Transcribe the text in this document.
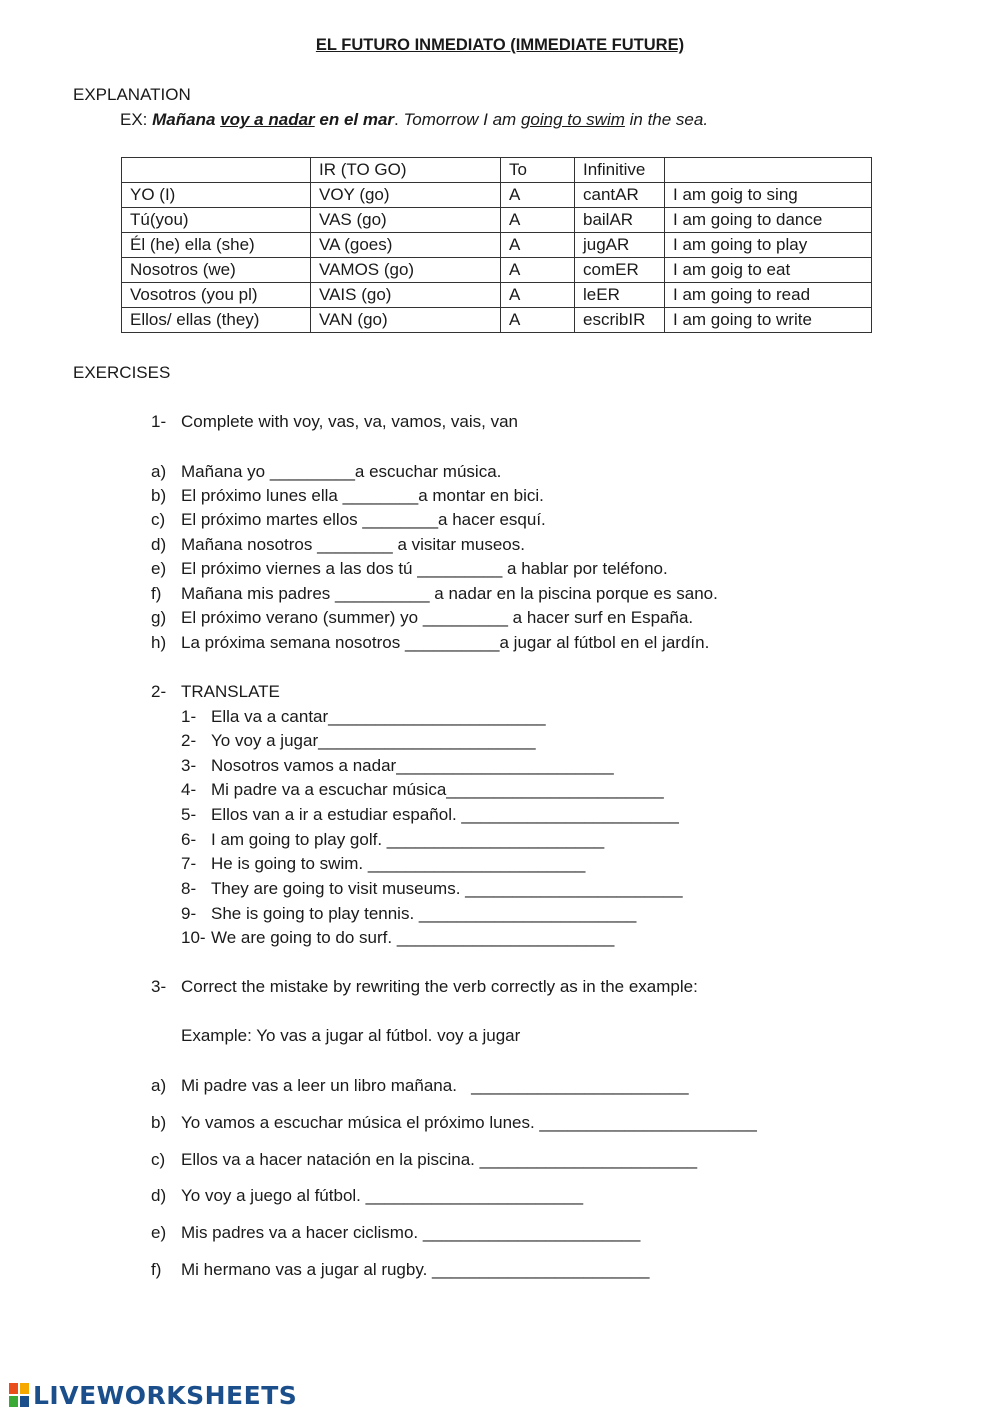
EL FUTURO INMEDIATO (IMMEDIATE FUTURE)
EXPLANATION
EX: Mañana voy a nadar en el mar. Tomorrow I am going to swim in the sea.
	IR (TO GO)	To	Infinitive	
YO (I)	VOY (go)	A	cantAR	I am goig to sing
Tú(you)	VAS (go)	A	bailAR	I am going to dance
Él (he) ella (she)	VA (goes)	A	jugAR	I am going to play
Nosotros (we)	VAMOS (go)	A	comER	I am goig to eat
Vosotros (you pl)	VAIS (go)	A	leER	I am going to read
Ellos/ ellas (they)	VAN (go)	A	escribIR	I am going to write
EXERCISES
1- Complete with voy, vas, va, vamos, vais, van
a) Mañana yo _________a escuchar música.
b) El próximo lunes ella ________a montar en bici.
c) El próximo martes ellos ________a hacer esquí.
d) Mañana nosotros ________ a visitar museos.
e) El próximo viernes a las dos tú _________ a hablar por teléfono.
f) Mañana mis padres __________ a nadar en la piscina porque es sano.
g) El próximo verano (summer) yo _________ a hacer surf en España.
h) La próxima semana nosotros __________a jugar al fútbol en el jardín.
2- TRANSLATE
1- Ella va a cantar_______________________
2- Yo voy a jugar_______________________
3- Nosotros vamos a nadar_______________________
4- Mi padre va a escuchar música_______________________
5- Ellos van a ir a estudiar español. _______________________
6- I am going to play golf. _______________________
7- He is going to swim. _______________________
8- They are going to visit museums. _______________________
9- She is going to play tennis. _______________________
10- We are going to do surf. _______________________
3- Correct the mistake by rewriting the verb correctly as in the example:
Example: Yo vas a jugar al fútbol. voy a jugar
a) Mi padre vas a leer un libro mañana.   _______________________
b) Yo vamos a escuchar música el próximo lunes. _______________________
c) Ellos va a hacer natación en la piscina. _______________________
d) Yo voy a juego al fútbol. _______________________
e) Mis padres va a hacer ciclismo. _______________________
f) Mi hermano vas a jugar al rugby. _______________________
LIVEWORKSHEETS
